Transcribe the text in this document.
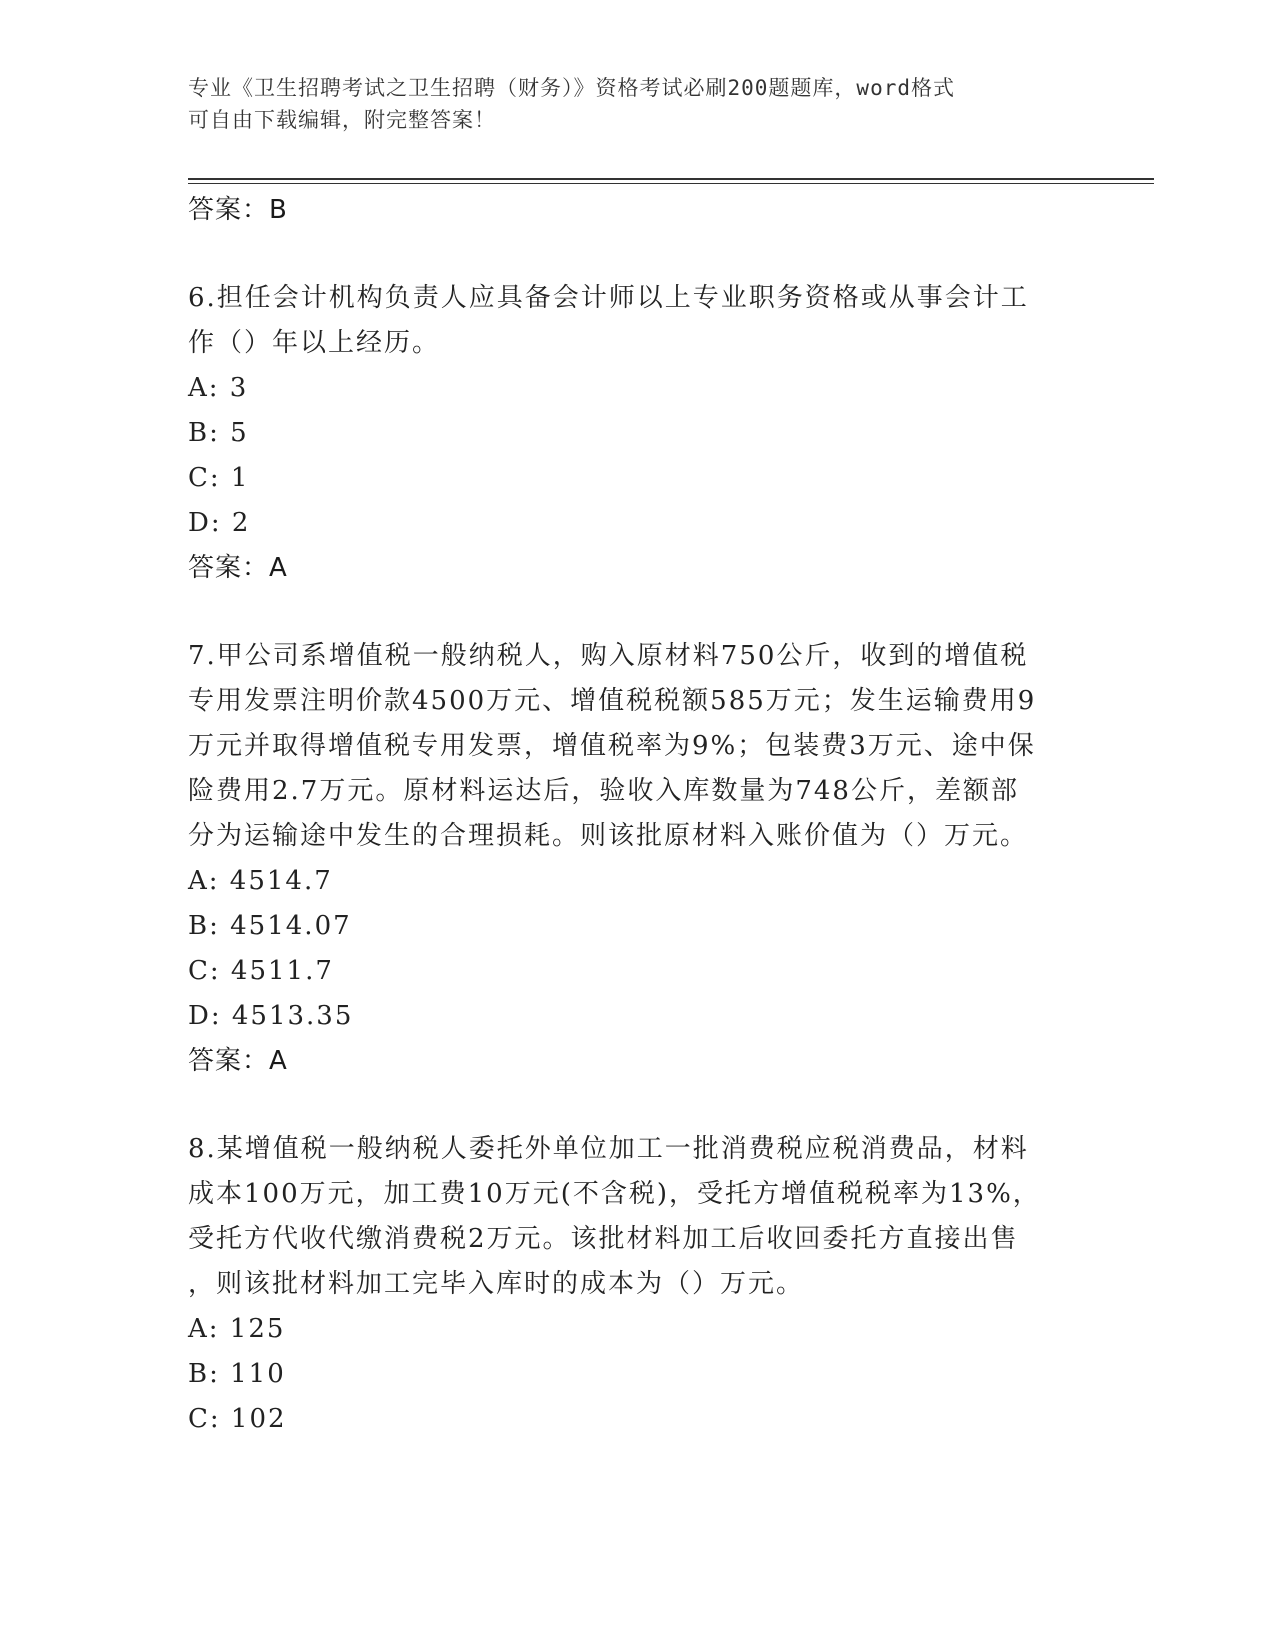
专业《卫生招聘考试之卫生招聘（财务）》资格考试必刷200题题库，word格式
可自由下载编辑，附完整答案！
答案：B
6.担任会计机构负责人应具备会计师以上专业职务资格或从事会计工
作（）年以上经历。
A: 3
B: 5
C: 1
D: 2
答案：A
7.甲公司系增值税一般纳税人，购入原材料750公斤，收到的增值税
专用发票注明价款4500万元、增值税税额585万元；发生运输费用9
万元并取得增值税专用发票，增值税率为9%；包装费3万元、途中保
险费用2.7万元。原材料运达后，验收入库数量为748公斤，差额部
分为运输途中发生的合理损耗。则该批原材料入账价值为（）万元。
A: 4514.7
B: 4514.07
C: 4511.7
D: 4513.35
答案：A
8.某增值税一般纳税人委托外单位加工一批消费税应税消费品，材料
成本100万元，加工费10万元(不含税)，受托方增值税税率为13%，
受托方代收代缴消费税2万元。该批材料加工后收回委托方直接出售
，则该批材料加工完毕入库时的成本为（）万元。
A: 125
B: 110
C: 102
